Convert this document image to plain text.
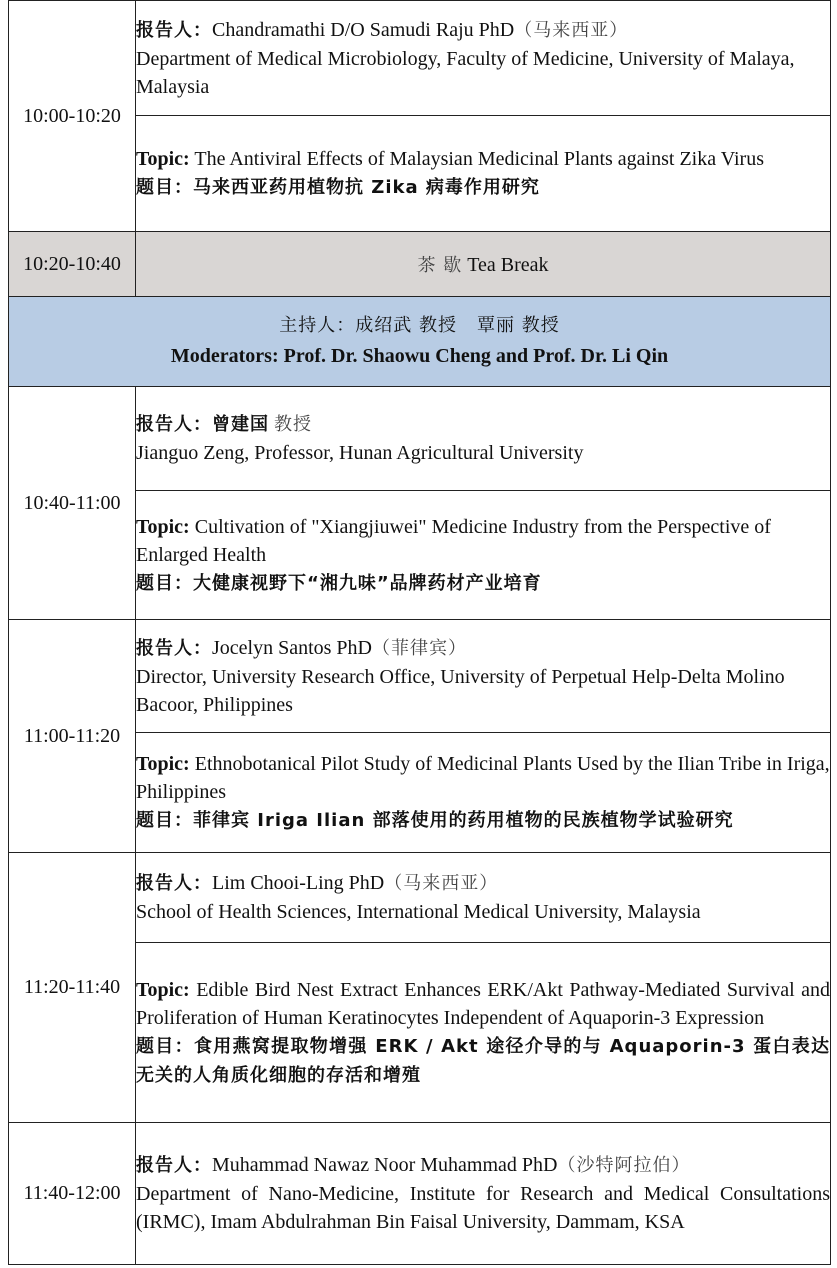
10:00-10:20	报告人：Chandramathi D/O Samudi Raju PhD（马来西亚）
Department of Medical Microbiology, Faculty of Medicine, University of Malaya, Malaysia
	Topic: The Antiviral Effects of Malaysian Medicinal Plants against Zika Virus
题目：马来西亚药用植物抗 Zika 病毒作用研究
10:20-10:40	茶 歇 Tea Break

主持人：成绍武 教授 覃丽 教授
Moderators: Prof. Dr. Shaowu Cheng and Prof. Dr. Li Qin	

10:40-11:00	报告人：曾建国 教授
Jianguo Zeng, Professor, Hunan Agricultural University
	Topic: Cultivation of "Xiangjiuwei" Medicine Industry from the Perspective of Enlarged Health
题目：大健康视野下“湘九味”品牌药材产业培育
11:00-11:20	报告人：Jocelyn Santos PhD（菲律宾）
Director, University Research Office, University of Perpetual Help-Delta Molino Bacoor, Philippines
	Topic: Ethnobotanical Pilot Study of Medicinal Plants Used by the Ilian Tribe in Iriga, Philippines
题目：菲律宾 Iriga Ilian 部落使用的药用植物的民族植物学试验研究
11:20-11:40	报告人：Lim Chooi-Ling PhD（马来西亚）
School of Health Sciences, International Medical University, Malaysia
	Topic: Edible Bird Nest Extract Enhances ERK/Akt Pathway-Mediated Survival and Proliferation of Human Keratinocytes Independent of Aquaporin-3 Expression
题目：食用燕窝提取物增强 ERK / Akt 途径介导的与 Aquaporin-3 蛋白表达无关的人角质化细胞的存活和增殖
11:40-12:00	报告人：Muhammad Nawaz Noor Muhammad PhD（沙特阿拉伯）
Department of Nano-Medicine, Institute for Research and Medical Consultations (IRMC), Imam Abdulrahman Bin Faisal University, Dammam, KSA
